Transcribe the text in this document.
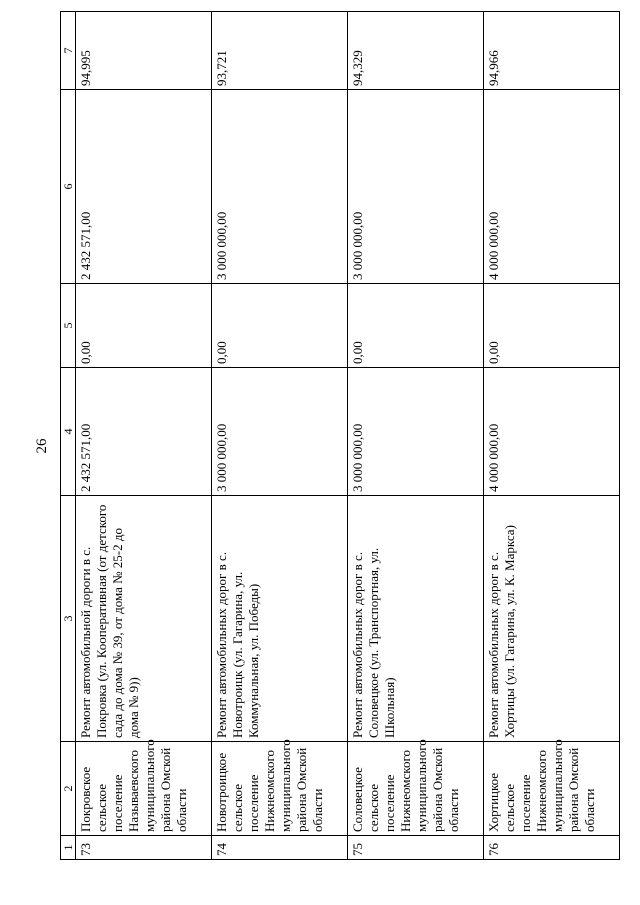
26
1	2	3	4	5	6	7
73	Покровское сельское поселение Называевского муниципального района Омской области	Ремонт автомобильной дороги в с. Покровка (ул. Кооперативная (от детского сада до дома № 39, от дома № 25-2 до дома № 9))	2 432 571,00	0,00	2 432 571,00	94,995
74	Новотроицкое сельское поселение Нижнеомского муниципального района Омской области	Ремонт автомобильных дорог в с. Новотроицк (ул. Гагарина, ул. Коммунальная, ул. Победы)	3 000 000,00	0,00	3 000 000,00	93,721
75	Соловецкое сельское поселение Нижнеомского муниципального района Омской области	Ремонт автомобильных дорог в с. Соловецкое (ул. Транспортная, ул. Школьная)	3 000 000,00	0,00	3 000 000,00	94,329
76	Хортицкое сельское поселение Нижнеомского муниципального района Омской области	Ремонт автомобильных дорог в с. Хортицы (ул. Гагарина, ул. К. Маркса)	4 000 000,00	0,00	4 000 000,00	94,966
